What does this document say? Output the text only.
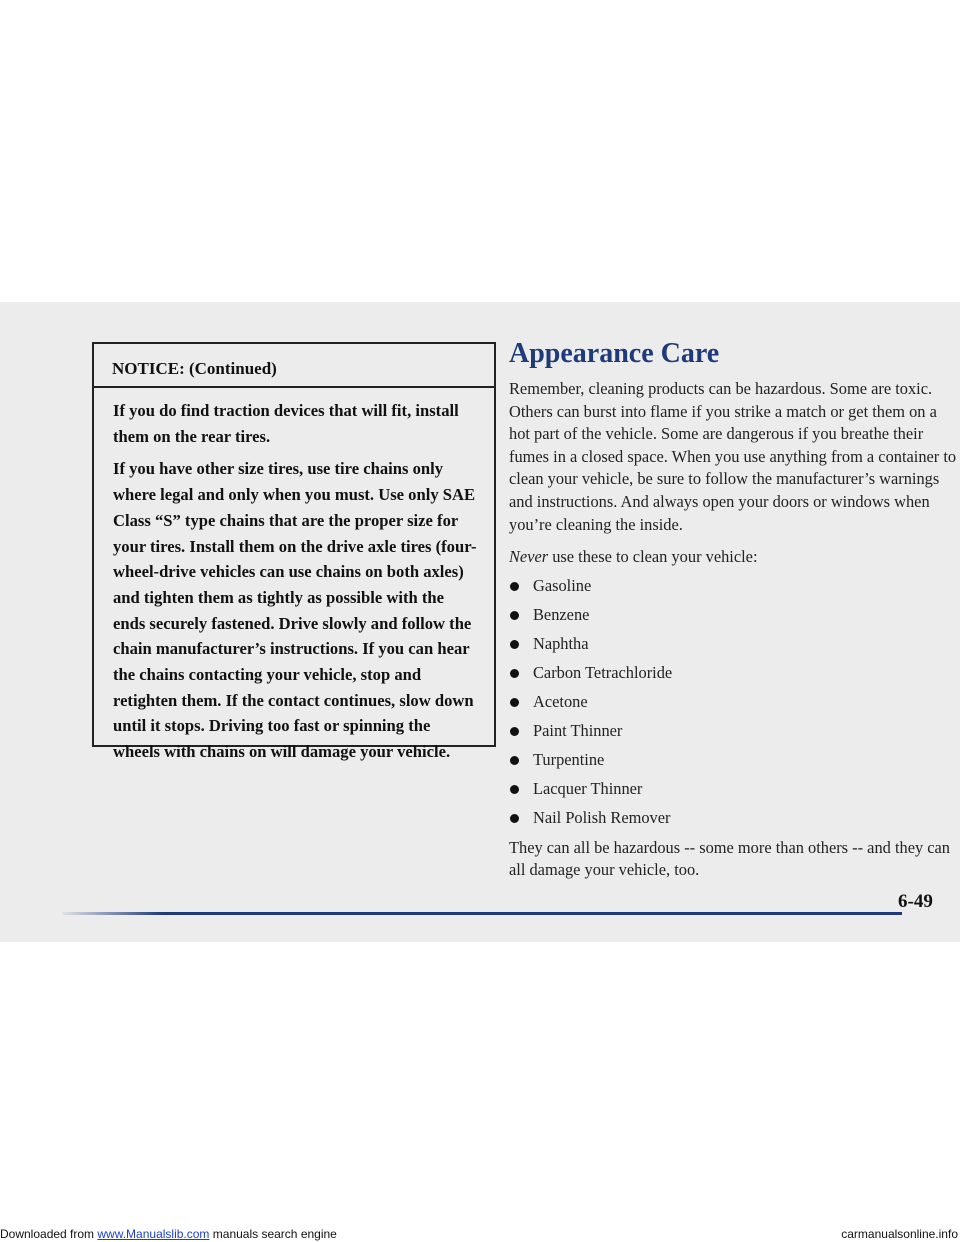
NOTICE: (Continued)

If you do find traction devices that will fit, install them on the rear tires.

If you have other size tires, use tire chains only where legal and only when you must. Use only SAE Class “S” type chains that are the proper size for your tires. Install them on the drive axle tires (four-wheel-drive vehicles can use chains on both axles) and tighten them as tightly as possible with the ends securely fastened. Drive slowly and follow the chain manufacturer’s instructions. If you can hear the chains contacting your vehicle, stop and retighten them. If the contact continues, slow down until it stops. Driving too fast or spinning the wheels with chains on will damage your vehicle.

Appearance Care

Remember, cleaning products can be hazardous. Some are toxic. Others can burst into flame if you strike a match or get them on a hot part of the vehicle. Some are dangerous if you breathe their fumes in a closed space. When you use anything from a container to clean your vehicle, be sure to follow the manufacturer’s warnings and instructions. And always open your doors or windows when you’re cleaning the inside.

Never use these to clean your vehicle:

Gasoline
Benzene
Naphtha
Carbon Tetrachloride
Acetone
Paint Thinner
Turpentine
Lacquer Thinner
Nail Polish Remover

They can all be hazardous -- some more than others -- and they can all damage your vehicle, too.

6-49
Downloaded from www.Manualslib.com manuals search engine	carmanualsonline.info
